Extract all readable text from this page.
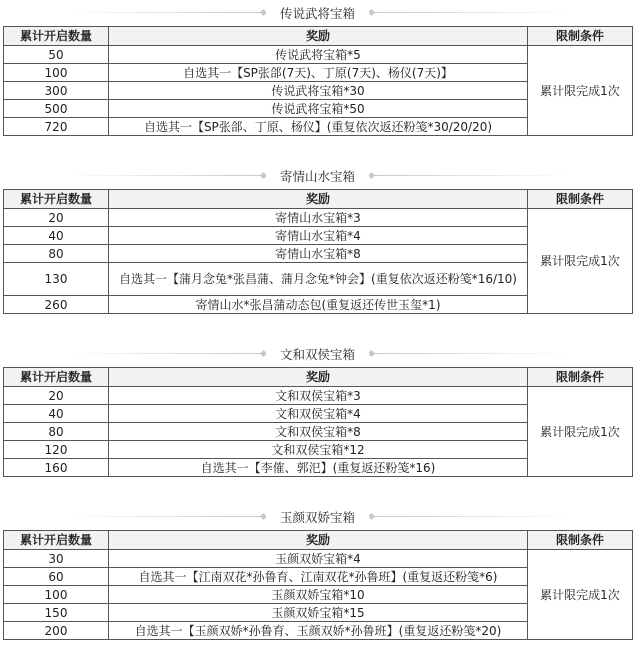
传说武将宝箱
累计开启数量	奖励	限制条件
50	传说武将宝箱*5	累计限完成1次
100	自选其一【SP张郃(7天)、丁原(7天)、杨仪(7天)】	
300	传说武将宝箱*30	
500	传说武将宝箱*50	
720	自选其一【SP张郃、丁原、杨仪】(重复依次返还粉笺*30/20/20)	
寄情山水宝箱
累计开启数量	奖励	限制条件
20	寄情山水宝箱*3	累计限完成1次
40	寄情山水宝箱*4	
80	寄情山水宝箱*8	
130	自选其一【蒲月念兔*张昌蒲、蒲月念兔*钟会】(重复依次返还粉笺*16/10)	
260	寄情山水*张昌蒲动态包(重复返还传世玉玺*1)	
文和双侯宝箱
累计开启数量	奖励	限制条件
20	文和双侯宝箱*3	累计限完成1次
40	文和双侯宝箱*4	
80	文和双侯宝箱*8	
120	文和双侯宝箱*12	
160	自选其一【李傕、郭汜】(重复返还粉笺*16)	
玉颜双娇宝箱
累计开启数量	奖励	限制条件
30	玉颜双娇宝箱*4	累计限完成1次
60	自选其一【江南双花*孙鲁育、江南双花*孙鲁班】(重复返还粉笺*6)	
100	玉颜双娇宝箱*10	
150	玉颜双娇宝箱*15	
200	自选其一【玉颜双娇*孙鲁育、玉颜双娇*孙鲁班】(重复返还粉笺*20)	
